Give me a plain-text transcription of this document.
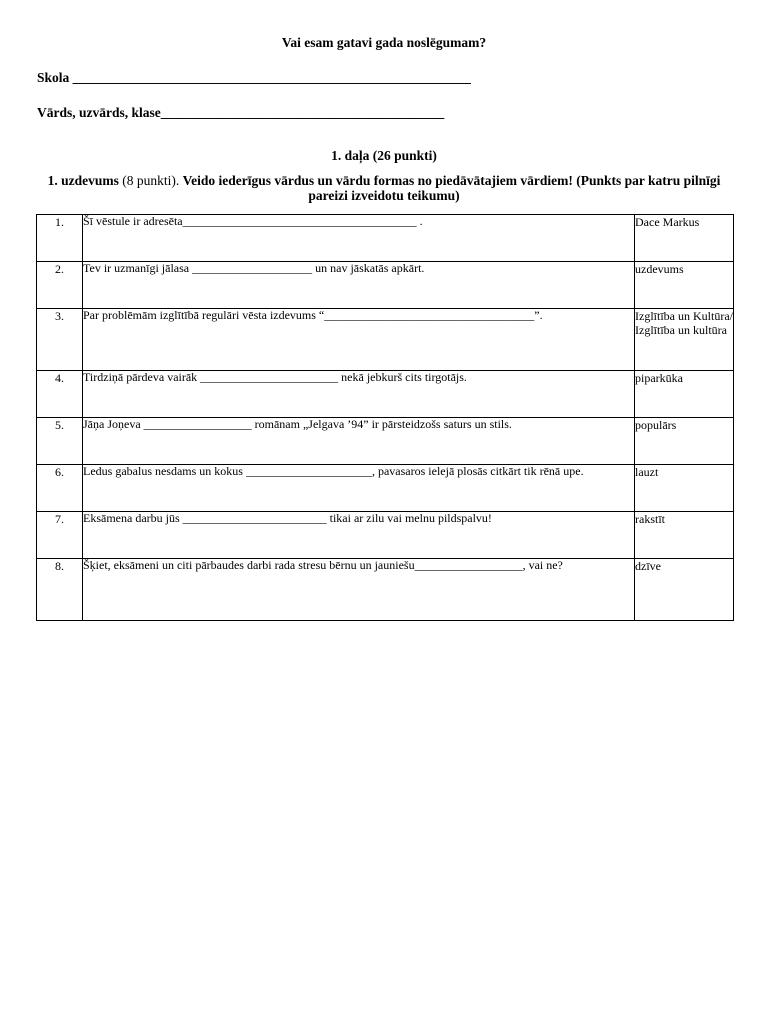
Vai esam gatavi gada noslēgumam?
Skola ___________________________________________________________
Vārds, uzvārds, klase__________________________________________
1. daļa (26 punkti)
1. uzdevums (8 punkti). Veido iederīgus vārdus un vārdu formas no piedāvātajiem vārdiem! (Punkts par katru pilnīgi pareizi izveidotu teikumu)
1.	Šī vēstule ir adresēta_______________________________________ .	Dace Markus
2.	Tev ir uzmanīgi jālasa ____________________ un nav jāskatās apkārt.	uzdevums
3.	Par problēmām izglītībā regulāri vēsta izdevums “___________________________________”.	Izglītība un Kultūra/ Izglītība un kultūra
4.	Tirdziņā pārdeva vairāk _______________________ nekā jebkurš cits tirgotājs.	piparkūka
5.	Jāņa Joņeva __________________ romānam „Jelgava ’94” ir pārsteidzošs saturs un stils.	populārs
6.	Ledus gabalus nesdams un kokus _____________________, pavasaros ielejā plosās citkārt tik rēnā upe.	lauzt
7.	Eksāmena darbu jūs ________________________ tikai ar zilu vai melnu pildspalvu!	rakstīt
8.	Šķiet, eksāmeni un citi pārbaudes darbi rada stresu bērnu un jauniešu__________________, vai ne?	dzīve
